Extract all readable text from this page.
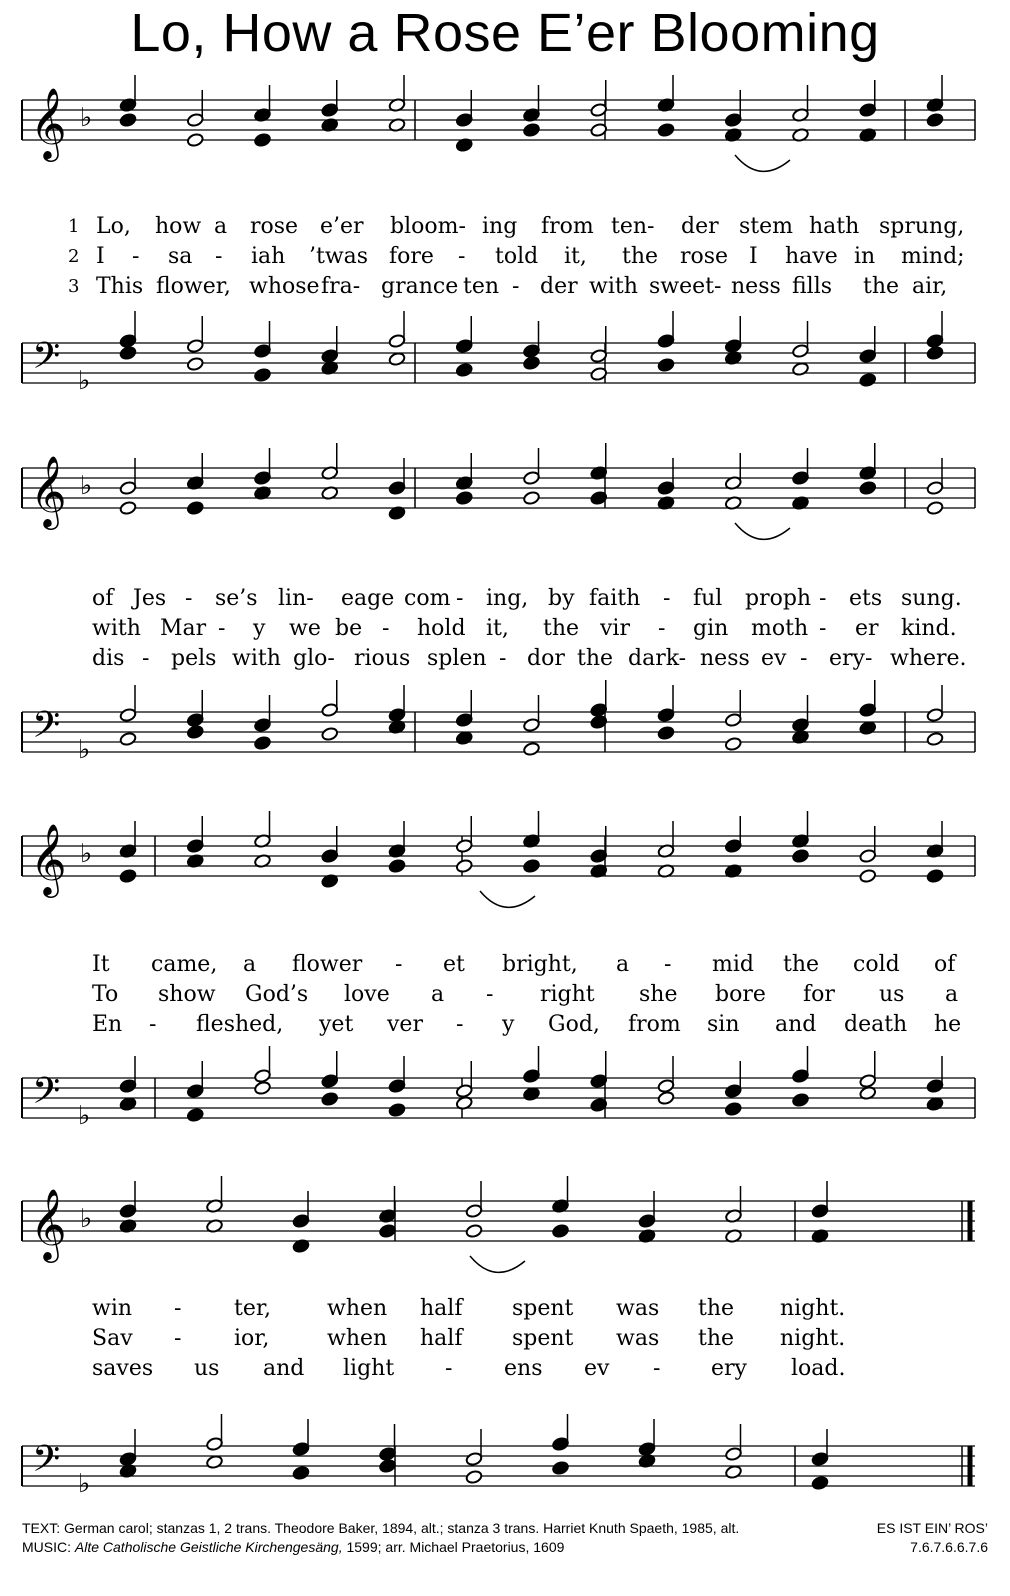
Lo, How a Rose E’er Blooming
𝄞 ♭
𝄢 ♭
𝄞 ♭
𝄢 ♭
𝄞 ♭
𝄢 ♭
𝄞 ♭
𝄢 ♭
1 Lo, how a rose e’er bloom- ing from ten- der stem hath sprung,
2 I - sa - iah ’twas fore - told it, the rose I have in mind;
3 This flower, whose fra- grance ten - der with sweet- ness fills the air,
of Jes - se’s lin- eage com - ing, by faith - ful proph - ets sung.
with Mar - y we be - hold it, the vir - gin moth - er kind.
dis - pels with glo- rious splen - dor the dark- ness ev - ery- where.
It came, a flower - et bright, a - mid the cold of
To show God’s love a - right she bore for us a
En - fleshed, yet ver - y God, from sin and death he
win - ter,	when half spent was the night.
Sav - ior,	when half spent was the night.
saves us and light - ens ev - ery load.
TEXT: German carol; stanzas 1, 2 trans. Theodore Baker, 1894, alt.; stanza 3 trans. Harriet Knuth Spaeth, 1985, alt.
MUSIC: Alte Catholische Geistliche Kirchengesäng, 1599; arr. Michael Praetorius, 1609
ES IST EIN’ ROS’
7.6.7.6.6.7.6
